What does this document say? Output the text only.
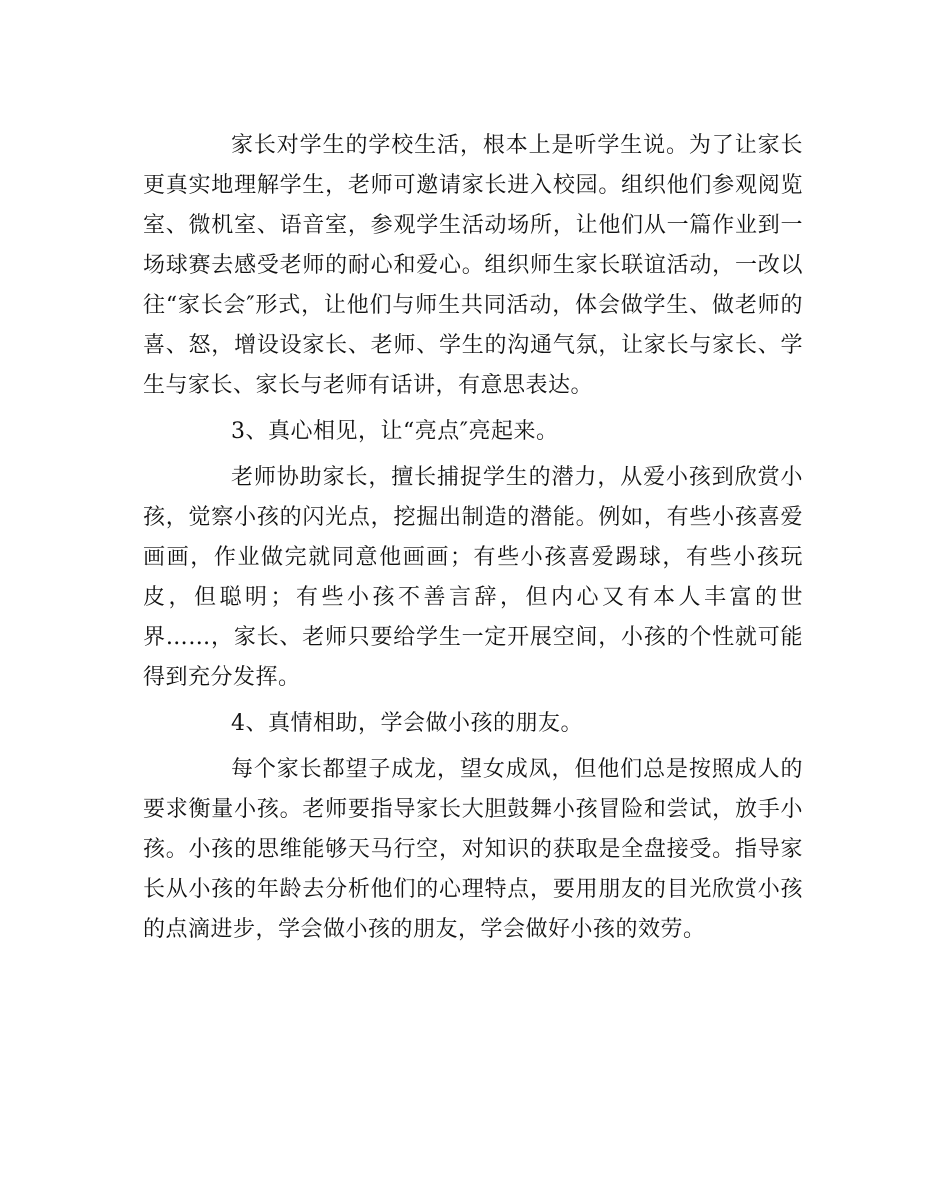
家长对学生的学校生活，根本上是听学生说。为了让家长更真实地理解学生，老师可邀请家长进入校园。组织他们参观阅览室、微机室、语音室，参观学生活动场所，让他们从一篇作业到一场球赛去感受老师的耐心和爱心。组织师生家长联谊活动，一改以往“家长会″形式，让他们与师生共同活动，体会做学生、做老师的喜、怒，增设设家长、老师、学生的沟通气氛，让家长与家长、学生与家长、家长与老师有话讲，有意思表达。

3、真心相见，让“亮点″亮起来。

老师协助家长，擅长捕捉学生的潜力，从爱小孩到欣赏小孩，觉察小孩的闪光点，挖掘出制造的潜能。例如，有些小孩喜爱画画，作业做完就同意他画画；有些小孩喜爱踢球，有些小孩玩皮，但聪明；有些小孩不善言辞，但内心又有本人丰富的世界……，家长、老师只要给学生一定开展空间，小孩的个性就可能得到充分发挥。

4、真情相助，学会做小孩的朋友。

每个家长都望子成龙，望女成凤，但他们总是按照成人的要求衡量小孩。老师要指导家长大胆鼓舞小孩冒险和尝试，放手小孩。小孩的思维能够天马行空，对知识的获取是全盘接受。指导家长从小孩的年龄去分析他们的心理特点，要用朋友的目光欣赏小孩的点滴进步，学会做小孩的朋友，学会做好小孩的效劳。
